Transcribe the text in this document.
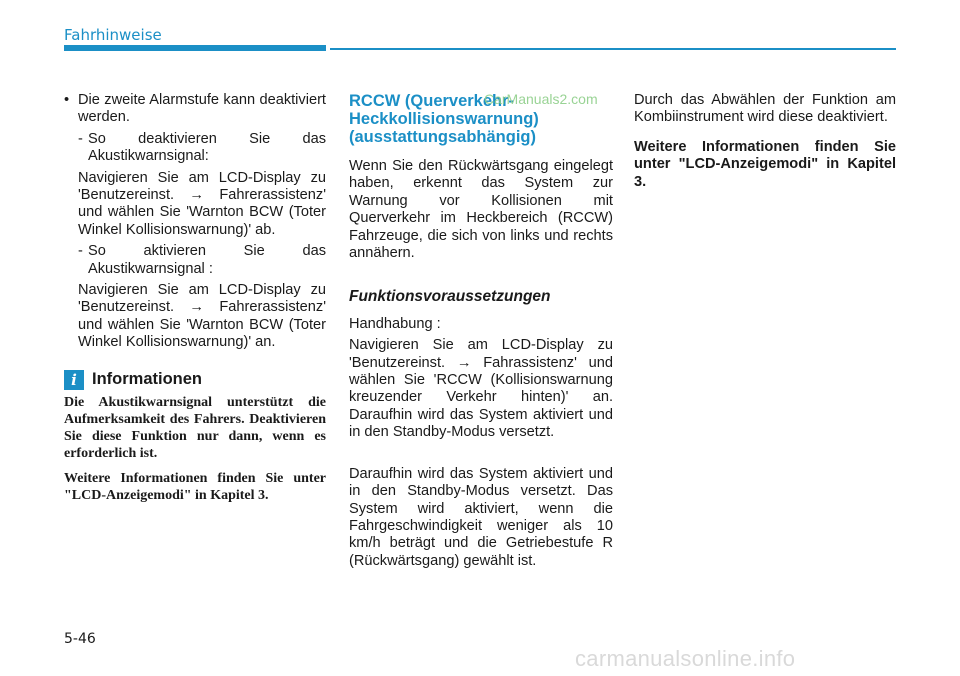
Fahrhinweise
• Die zweite Alarmstufe kann deaktiviert werden.
- So deaktivieren Sie das Akustikwarnsignal:

Navigieren Sie am LCD-Display zu 'Benutzereinst. → Fahrerassistenz' und wählen Sie 'Warnton BCW (Toter Winkel Kollisionswarnung)' ab.

- So aktivieren Sie das Akustikwarnsignal :

Navigieren Sie am LCD-Display zu 'Benutzereinst. → Fahrerassistenz' und wählen Sie 'Warnton BCW (Toter Winkel Kollisionswarnung)' an.

i Informationen

Die Akustikwarnsignal unterstützt die Aufmerksamkeit des Fahrers. Deaktivieren Sie diese Funktion nur dann, wenn es erforderlich ist.

Weitere Informationen finden Sie unter "LCD-Anzeigemodi" in Kapitel 3.

RCCW (Querverkehr-Heckkollisionswarnung) (ausstattungsabhängig)

Wenn Sie den Rückwärtsgang eingelegt haben, erkennt das System zur Warnung vor Kollisionen mit Querverkehr im Heckbereich (RCCW) Fahrzeuge, die sich von links und rechts annähern.

Funktionsvoraussetzungen

Handhabung :

Navigieren Sie am LCD-Display zu 'Benutzereinst. → Fahrassistenz' und wählen Sie 'RCCW (Kollisionswarnung kreuzender Verkehr hinten)' an. Daraufhin wird das System aktiviert und in den Standby-Modus versetzt.

Daraufhin wird das System aktiviert und in den Standby-Modus versetzt. Das System wird aktiviert, wenn die Fahrgeschwindigkeit weniger als 10 km/h beträgt und die Getriebestufe R (Rückwärtsgang) gewählt ist.

Durch das Abwählen der Funktion am Kombiinstrument wird diese deaktiviert.

Weitere Informationen finden Sie unter "LCD-Anzeigemodi" in Kapitel 3.

CarManuals2.com
5-46
carmanualsonline.info
